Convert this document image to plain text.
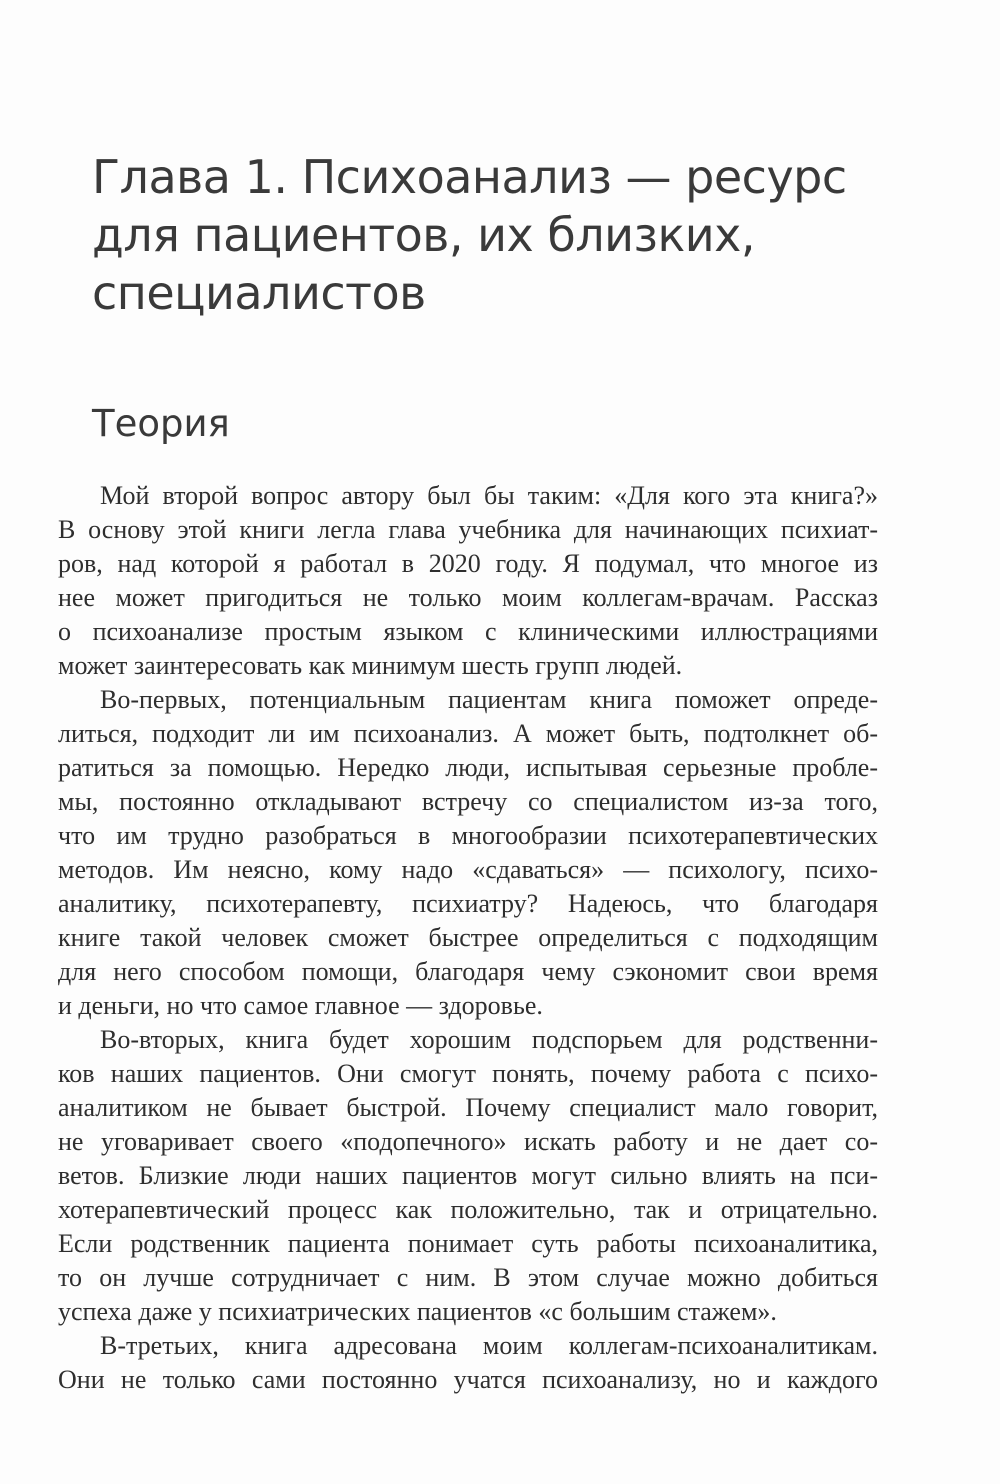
Глава 1. Психоанализ — ресурс
для пациентов, их близких,
специалистов
Теория
Мой второй вопрос автору был бы таким: «Для кого эта книга?»
В основу этой книги легла глава учебника для начинающих психиат-
ров, над которой я работал в 2020 году. Я подумал, что многое из
нее может пригодиться не только моим коллегам-врачам. Рассказ
о психоанализе простым языком с клиническими иллюстрациями
может заинтересовать как минимум шесть групп людей.
Во-первых, потенциальным пациентам книга поможет опреде-
литься, подходит ли им психоанализ. А может быть, подтолкнет об-
ратиться за помощью. Нередко люди, испытывая серьезные пробле-
мы, постоянно откладывают встречу со специалистом из-за того,
что им трудно разобраться в многообразии психотерапевтических
методов. Им неясно, кому надо «сдаваться» — психологу, психо-
аналитику, психотерапевту, психиатру? Надеюсь, что благодаря
книге такой человек сможет быстрее определиться с подходящим
для него способом помощи, благодаря чему сэкономит свои время
и деньги, но что самое главное — здоровье.
Во-вторых, книга будет хорошим подспорьем для родственни-
ков наших пациентов. Они смогут понять, почему работа с психо-
аналитиком не бывает быстрой. Почему специалист мало говорит,
не уговаривает своего «подопечного» искать работу и не дает со-
ветов. Близкие люди наших пациентов могут сильно влиять на пси-
хотерапевтический процесс как положительно, так и отрицательно.
Если родственник пациента понимает суть работы психоаналитика,
то он лучше сотрудничает с ним. В этом случае можно добиться
успеха даже у психиатрических пациентов «с большим стажем».
В-третьих, книга адресована моим коллегам-психоаналитикам.
Они не только сами постоянно учатся психоанализу, но и каждого
